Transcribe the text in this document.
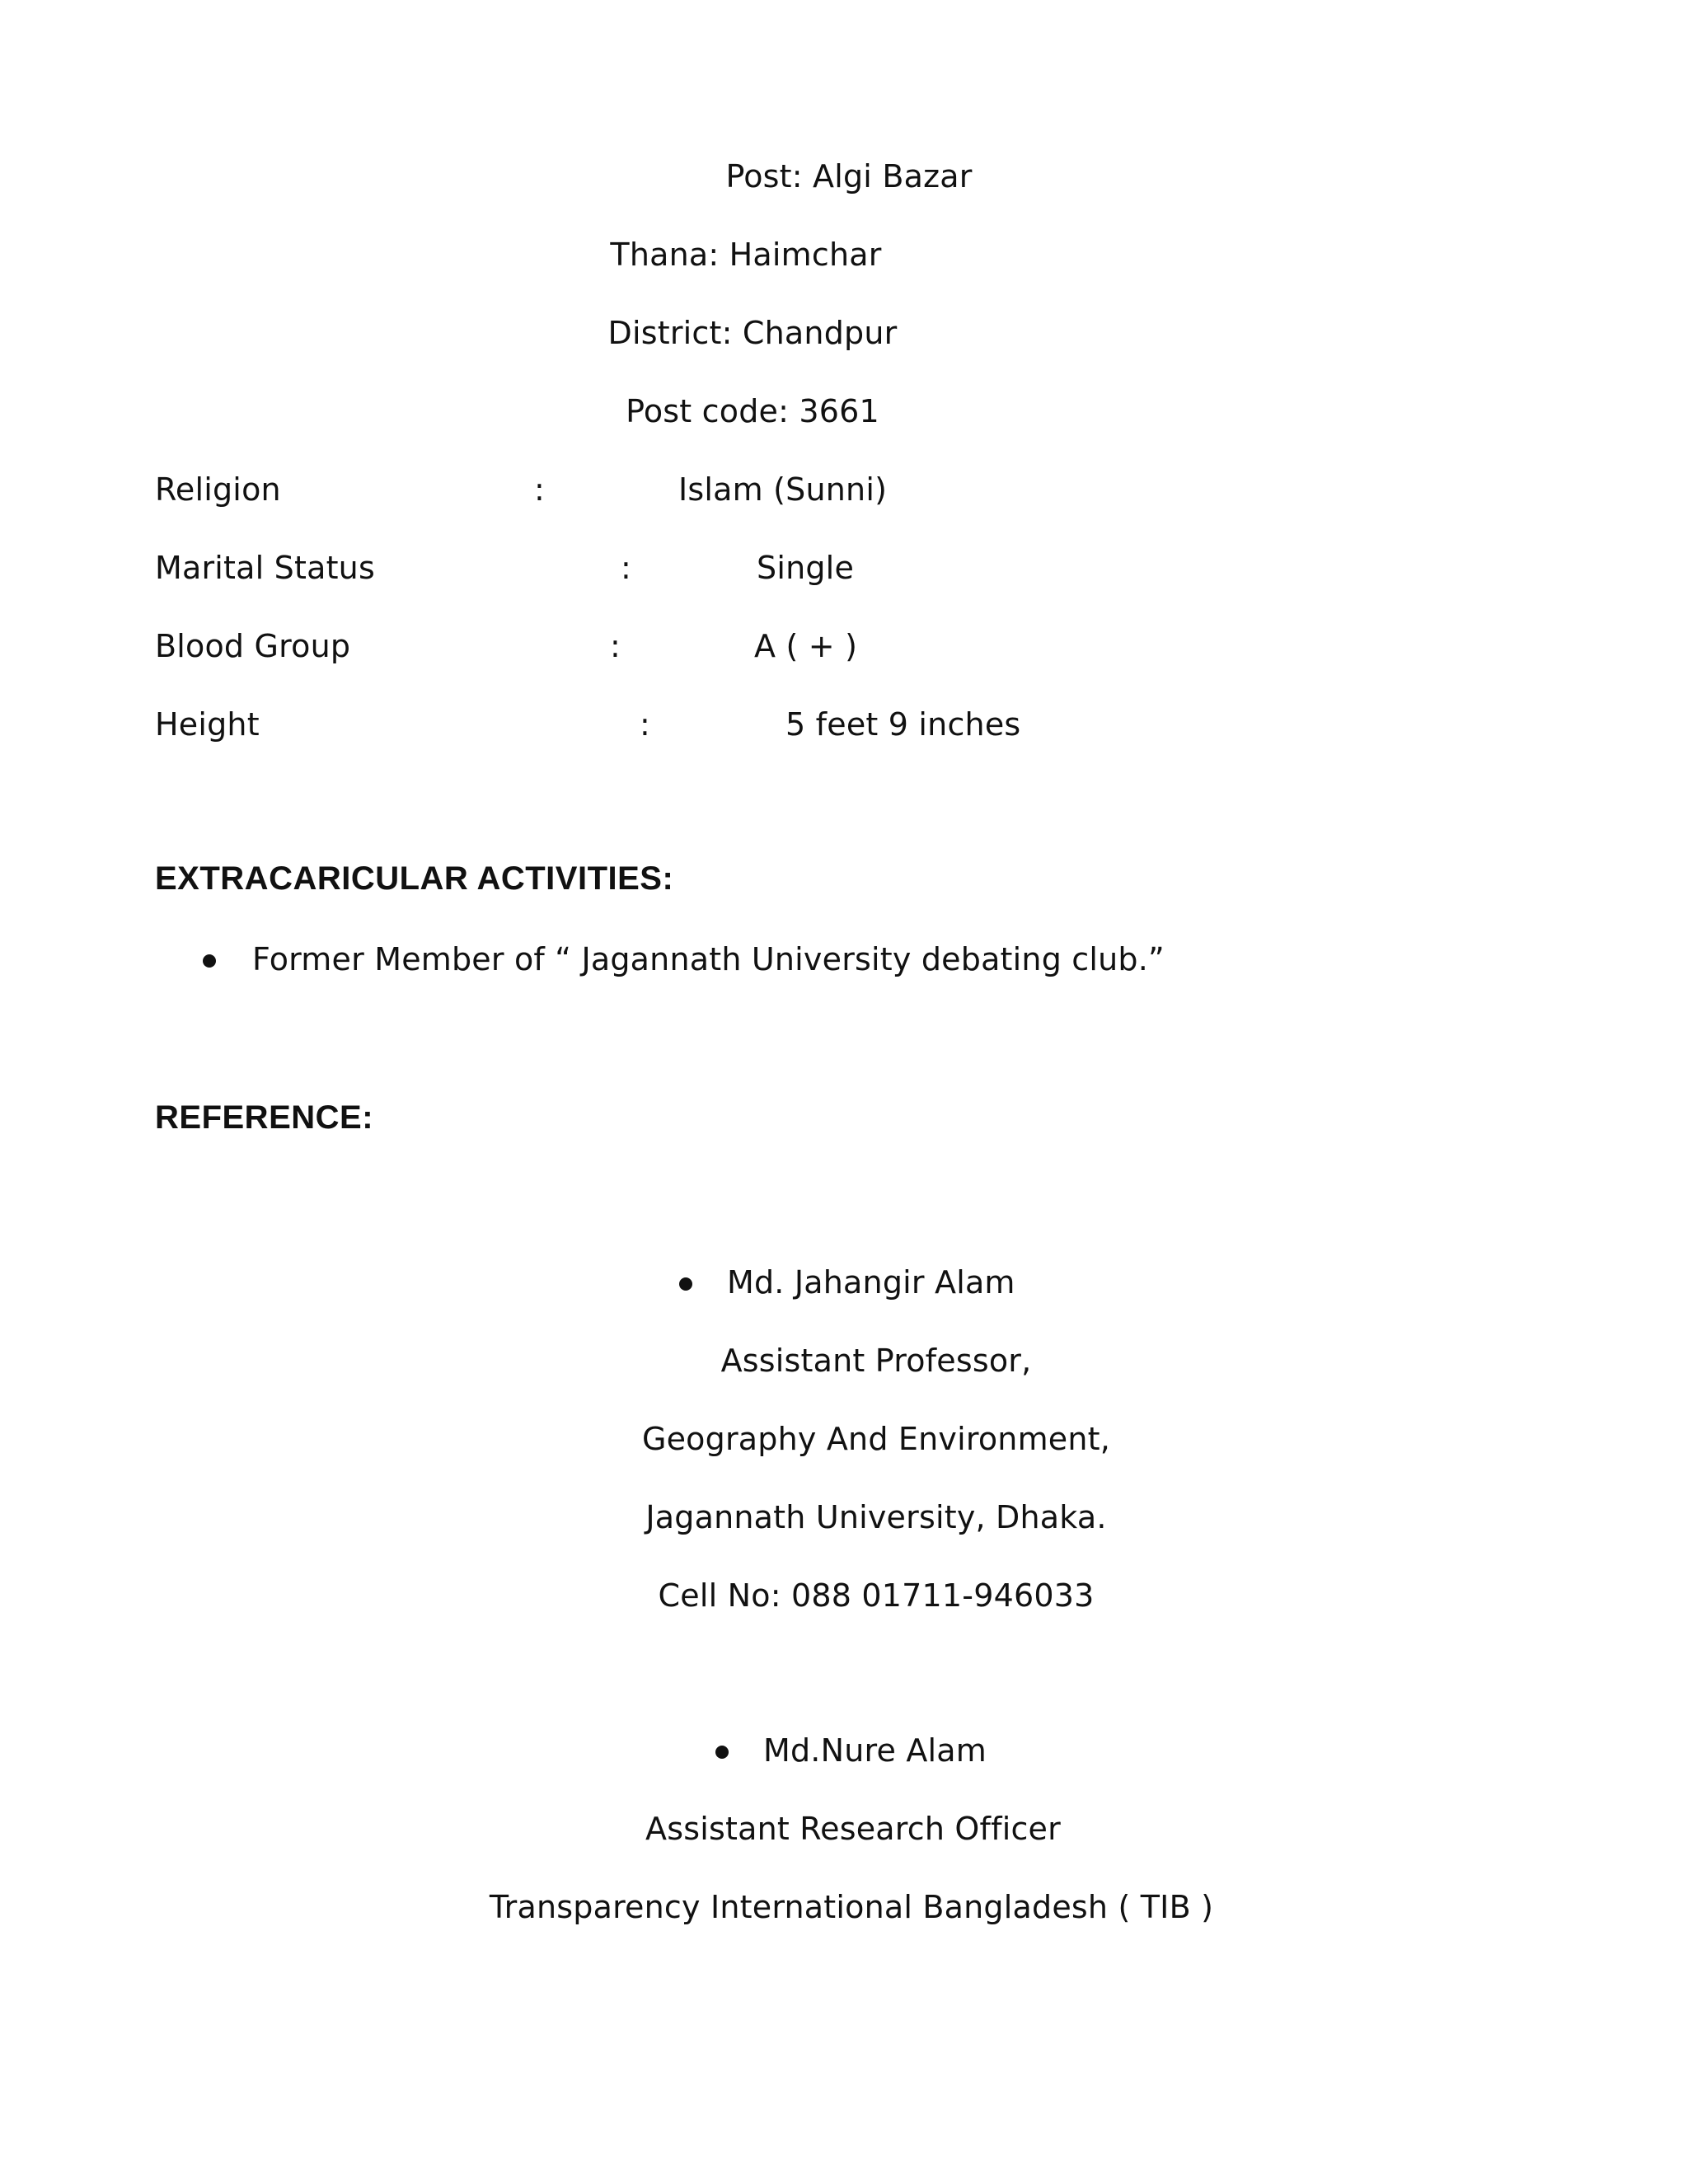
Post: Algi Bazar
Thana: Haimchar
District: Chandpur
Post code: 3661
Religion	:	Islam (Sunni)
Marital Status	:	Single
Blood Group	:	A ( + )
Height	:	5 feet 9 inches
EXTRACARICULAR ACTIVITIES:
Former Member of “ Jagannath University debating club.”
REFERENCE:
Md. Jahangir Alam
Assistant Professor,
Geography And Environment,
Jagannath University, Dhaka.
Cell No: 088 01711-946033
Md.Nure Alam
Assistant Research Officer
Transparency International Bangladesh ( TIB )
